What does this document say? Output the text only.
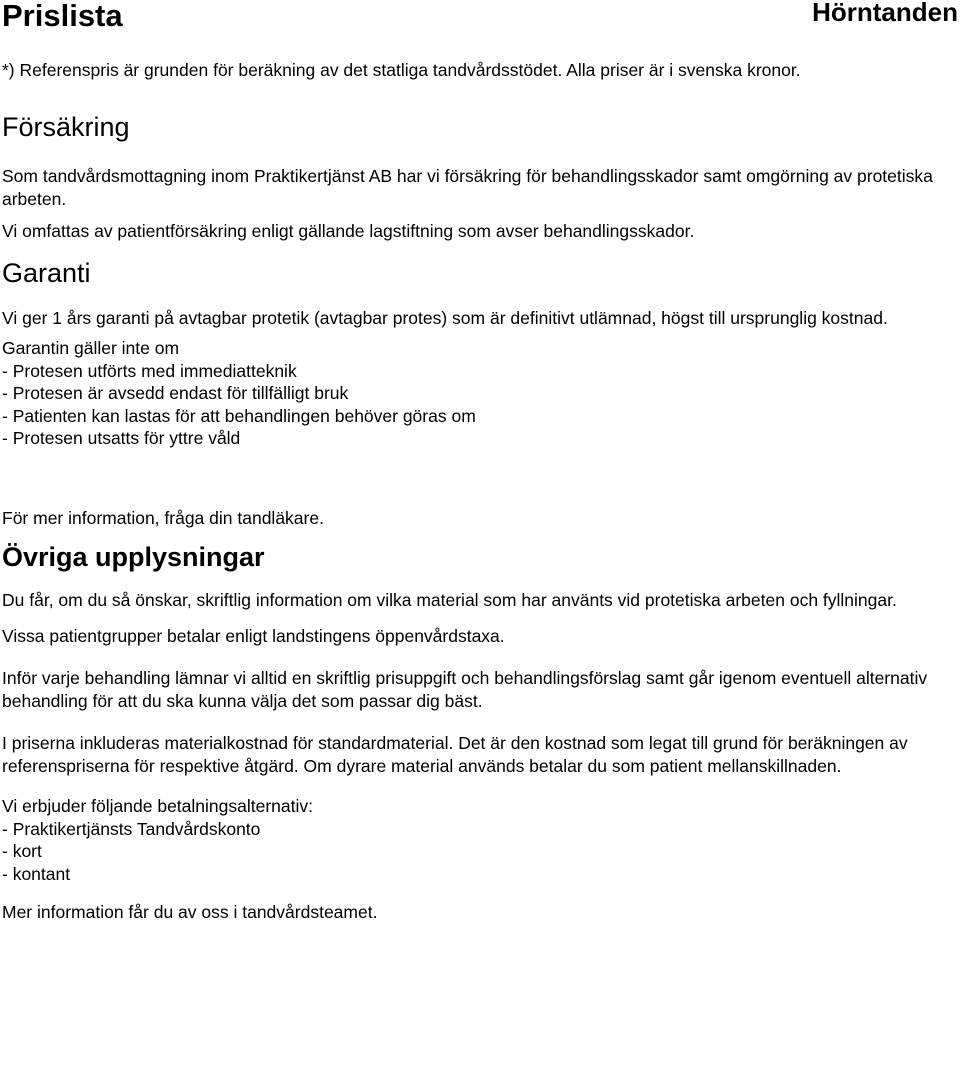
Prislista	Hörntanden

*) Referenspris är grunden för beräkning av det statliga tandvårdsstödet. Alla priser är i svenska kronor.

Försäkring

Som tandvårdsmottagning inom Praktikertjänst AB har vi försäkring för behandlingsskador samt omgörning av protetiska arbeten.

Vi omfattas av patientförsäkring enligt gällande lagstiftning som avser behandlingsskador.

Garanti

Vi ger 1 års garanti på avtagbar protetik (avtagbar protes) som är definitivt utlämnad, högst till ursprunglig kostnad.

Garantin gäller inte om
- Protesen utförts med immediatteknik
- Protesen är avsedd endast för tillfälligt bruk
- Patienten kan lastas för att behandlingen behöver göras om
- Protesen utsatts för yttre våld

För mer information, fråga din tandläkare.

Övriga upplysningar

Du får, om du så önskar, skriftlig information om vilka material som har använts vid protetiska arbeten och fyllningar.

Vissa patientgrupper betalar enligt landstingens öppenvårdstaxa.

Inför varje behandling lämnar vi alltid en skriftlig prisuppgift och behandlingsförslag samt går igenom eventuell alternativ behandling för att du ska kunna välja det som passar dig bäst.

I priserna inkluderas materialkostnad för standardmaterial. Det är den kostnad som legat till grund för beräkningen av referenspriserna för respektive åtgärd. Om dyrare material används betalar du som patient mellanskillnaden.

Vi erbjuder följande betalningsalternativ:
- Praktikertjänsts Tandvårdskonto
- kort
- kontant

Mer information får du av oss i tandvårdsteamet.
